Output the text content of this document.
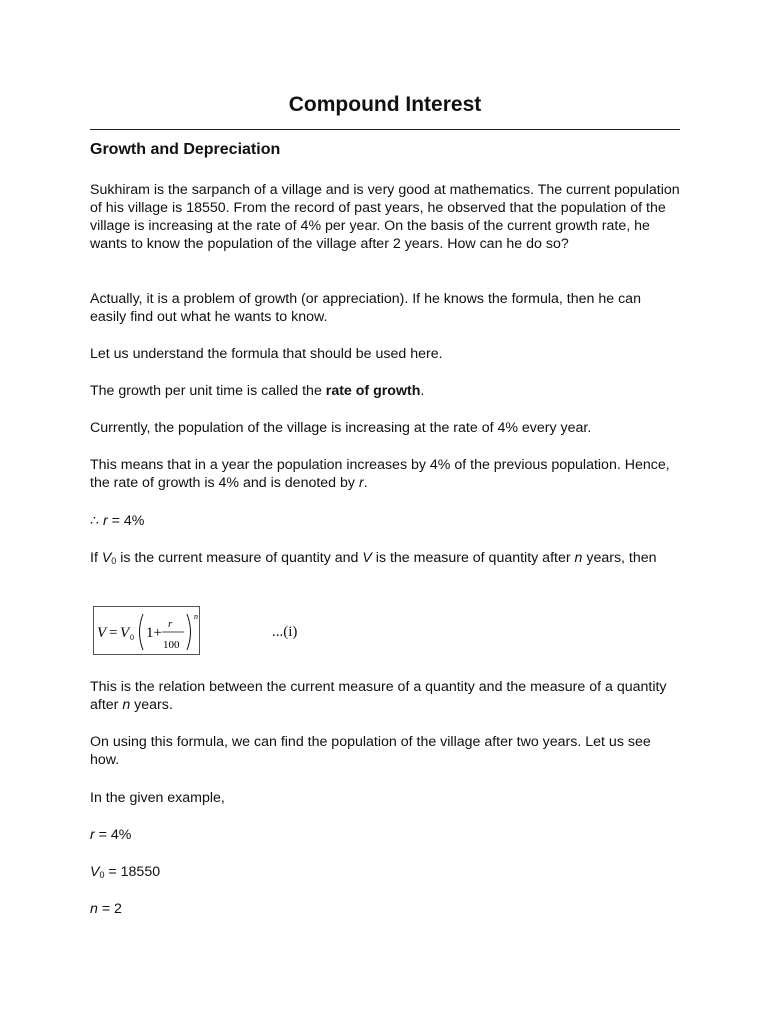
Compound Interest
Growth and Depreciation

Sukhiram is the sarpanch of a village and is very good at mathematics. The current population of his village is 18550. From the record of past years, he observed that the population of the village is increasing at the rate of 4% per year. On the basis of the current growth rate, he wants to know the population of the village after 2 years. How can he do so?

Actually, it is a problem of growth (or appreciation). If he knows the formula, then he can easily find out what he wants to know.

Let us understand the formula that should be used here.

The growth per unit time is called the rate of growth.

Currently, the population of the village is increasing at the rate of 4% every year.

This means that in a year the population increases by 4% of the previous population. Hence, the rate of growth is 4% and is denoted by r.

∴ r = 4%

If $V_0$ is the current measure of quantity and V is the measure of quantity after n years, then

V = V 0 1+
r
100
n
...(i)

This is the relation between the current measure of a quantity and the measure of a quantity after n years.

On using this formula, we can find the population of the village after two years. Let us see how.

In the given example,

r = 4%

$V_0 = 18550$

n = 2
